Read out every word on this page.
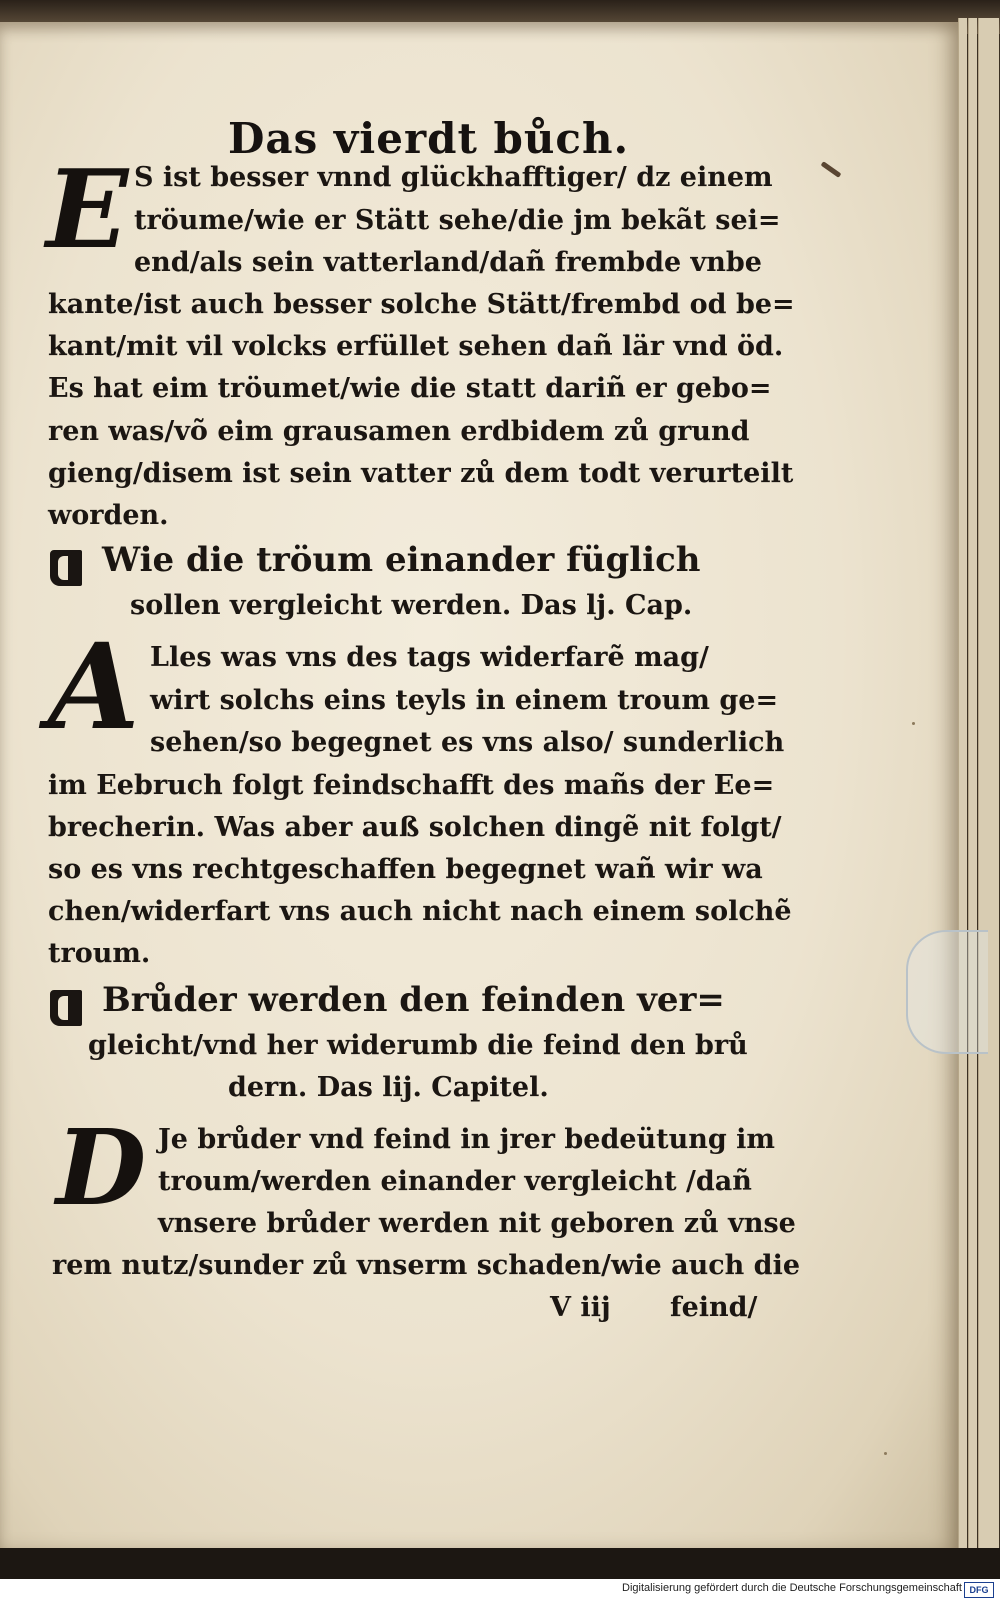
Das vierdt bůch.
E S ist besser vnnd glückhafftiger/ dz einem
tröume/wie er Stätt sehe/die jm bekãt sei=
end/als sein vatterland/dañ frembde vnbe
kante/ist auch besser solche Stätt/frembd od be=
kant/mit vil volcks erfüllet sehen dañ lär vnd öd.
Es hat eim tröumet/wie die statt dariñ er gebo=
ren was/võ eim grausamen erdbidem zů grund
gieng/disem ist sein vatter zů dem todt verurteilt
worden.
Wie die tröum einander füglich
sollen vergleicht werden. Das lj. Cap.
A Lles was vns des tags widerfarẽ mag/
wirt solchs eins teyls in einem troum ge=
sehen/so begegnet es vns also/ sunderlich
im Eebruch folgt feindschafft des mañs der Ee=
brecherin. Was aber auß solchen dingẽ nit folgt/
so es vns rechtgeschaffen begegnet wañ wir wa
chen/widerfart vns auch nicht nach einem solchẽ
troum.
Brůder werden den feinden ver=
gleicht/vnd her widerumb die feind den brů
dern. Das lij. Capitel.
D Je brůder vnd feind in jrer bedeütung im
troum/werden einander vergleicht /dañ
vnsere brůder werden nit geboren zů vnse
rem nutz/sunder zů vnserm schaden/wie auch die
V iij feind/
Digitalisierung gefördert durch die Deutsche Forschungsgemeinschaft DFG
